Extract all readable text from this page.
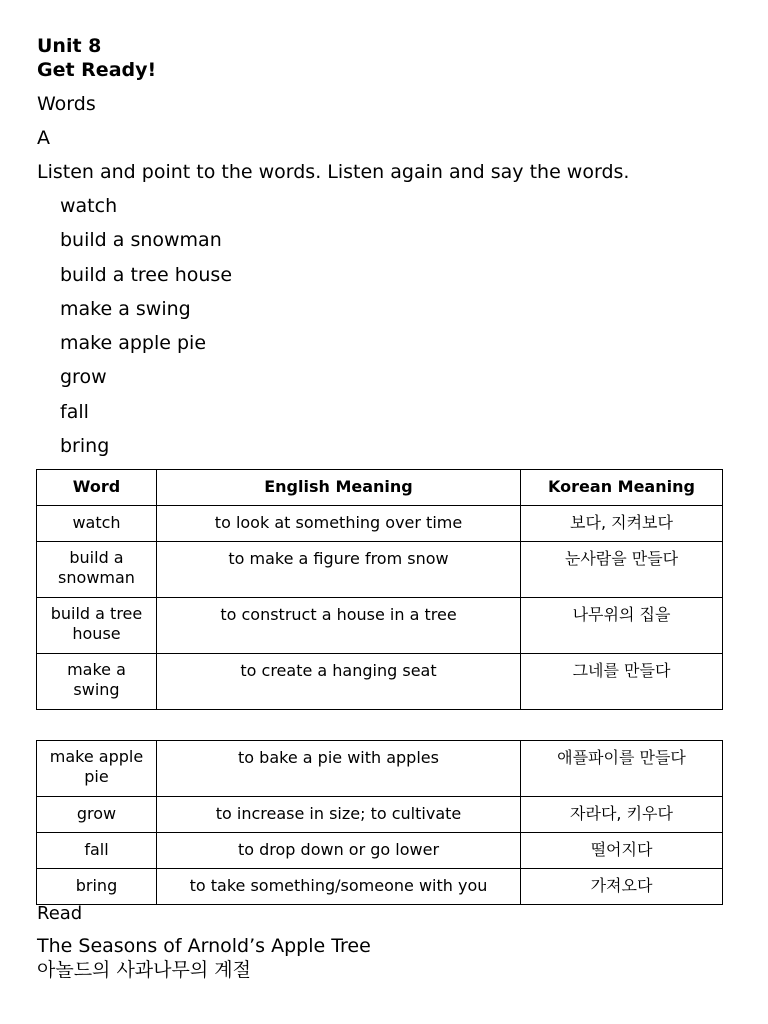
Unit 8
Get Ready!
Words
A
Listen and point to the words. Listen again and say the words.
watch
build a snowman
build a tree house
make a swing
make apple pie
grow
fall
bring
Word	English Meaning	Korean Meaning
watch	to look at something over time	보다, 지켜보다
build a snowman	to make a figure from snow	눈사람을 만들다
build a tree house	to construct a house in a tree	나무위의 집을
make a swing	to create a hanging seat	그네를 만들다
make apple pie	to bake a pie with apples	애플파이를 만들다
grow	to increase in size; to cultivate	자라다, 키우다
fall	to drop down or go lower	떨어지다
bring	to take something/someone with you	가져오다
Read
The Seasons of Arnold’s Apple Tree
아놀드의 사과나무의 계절
